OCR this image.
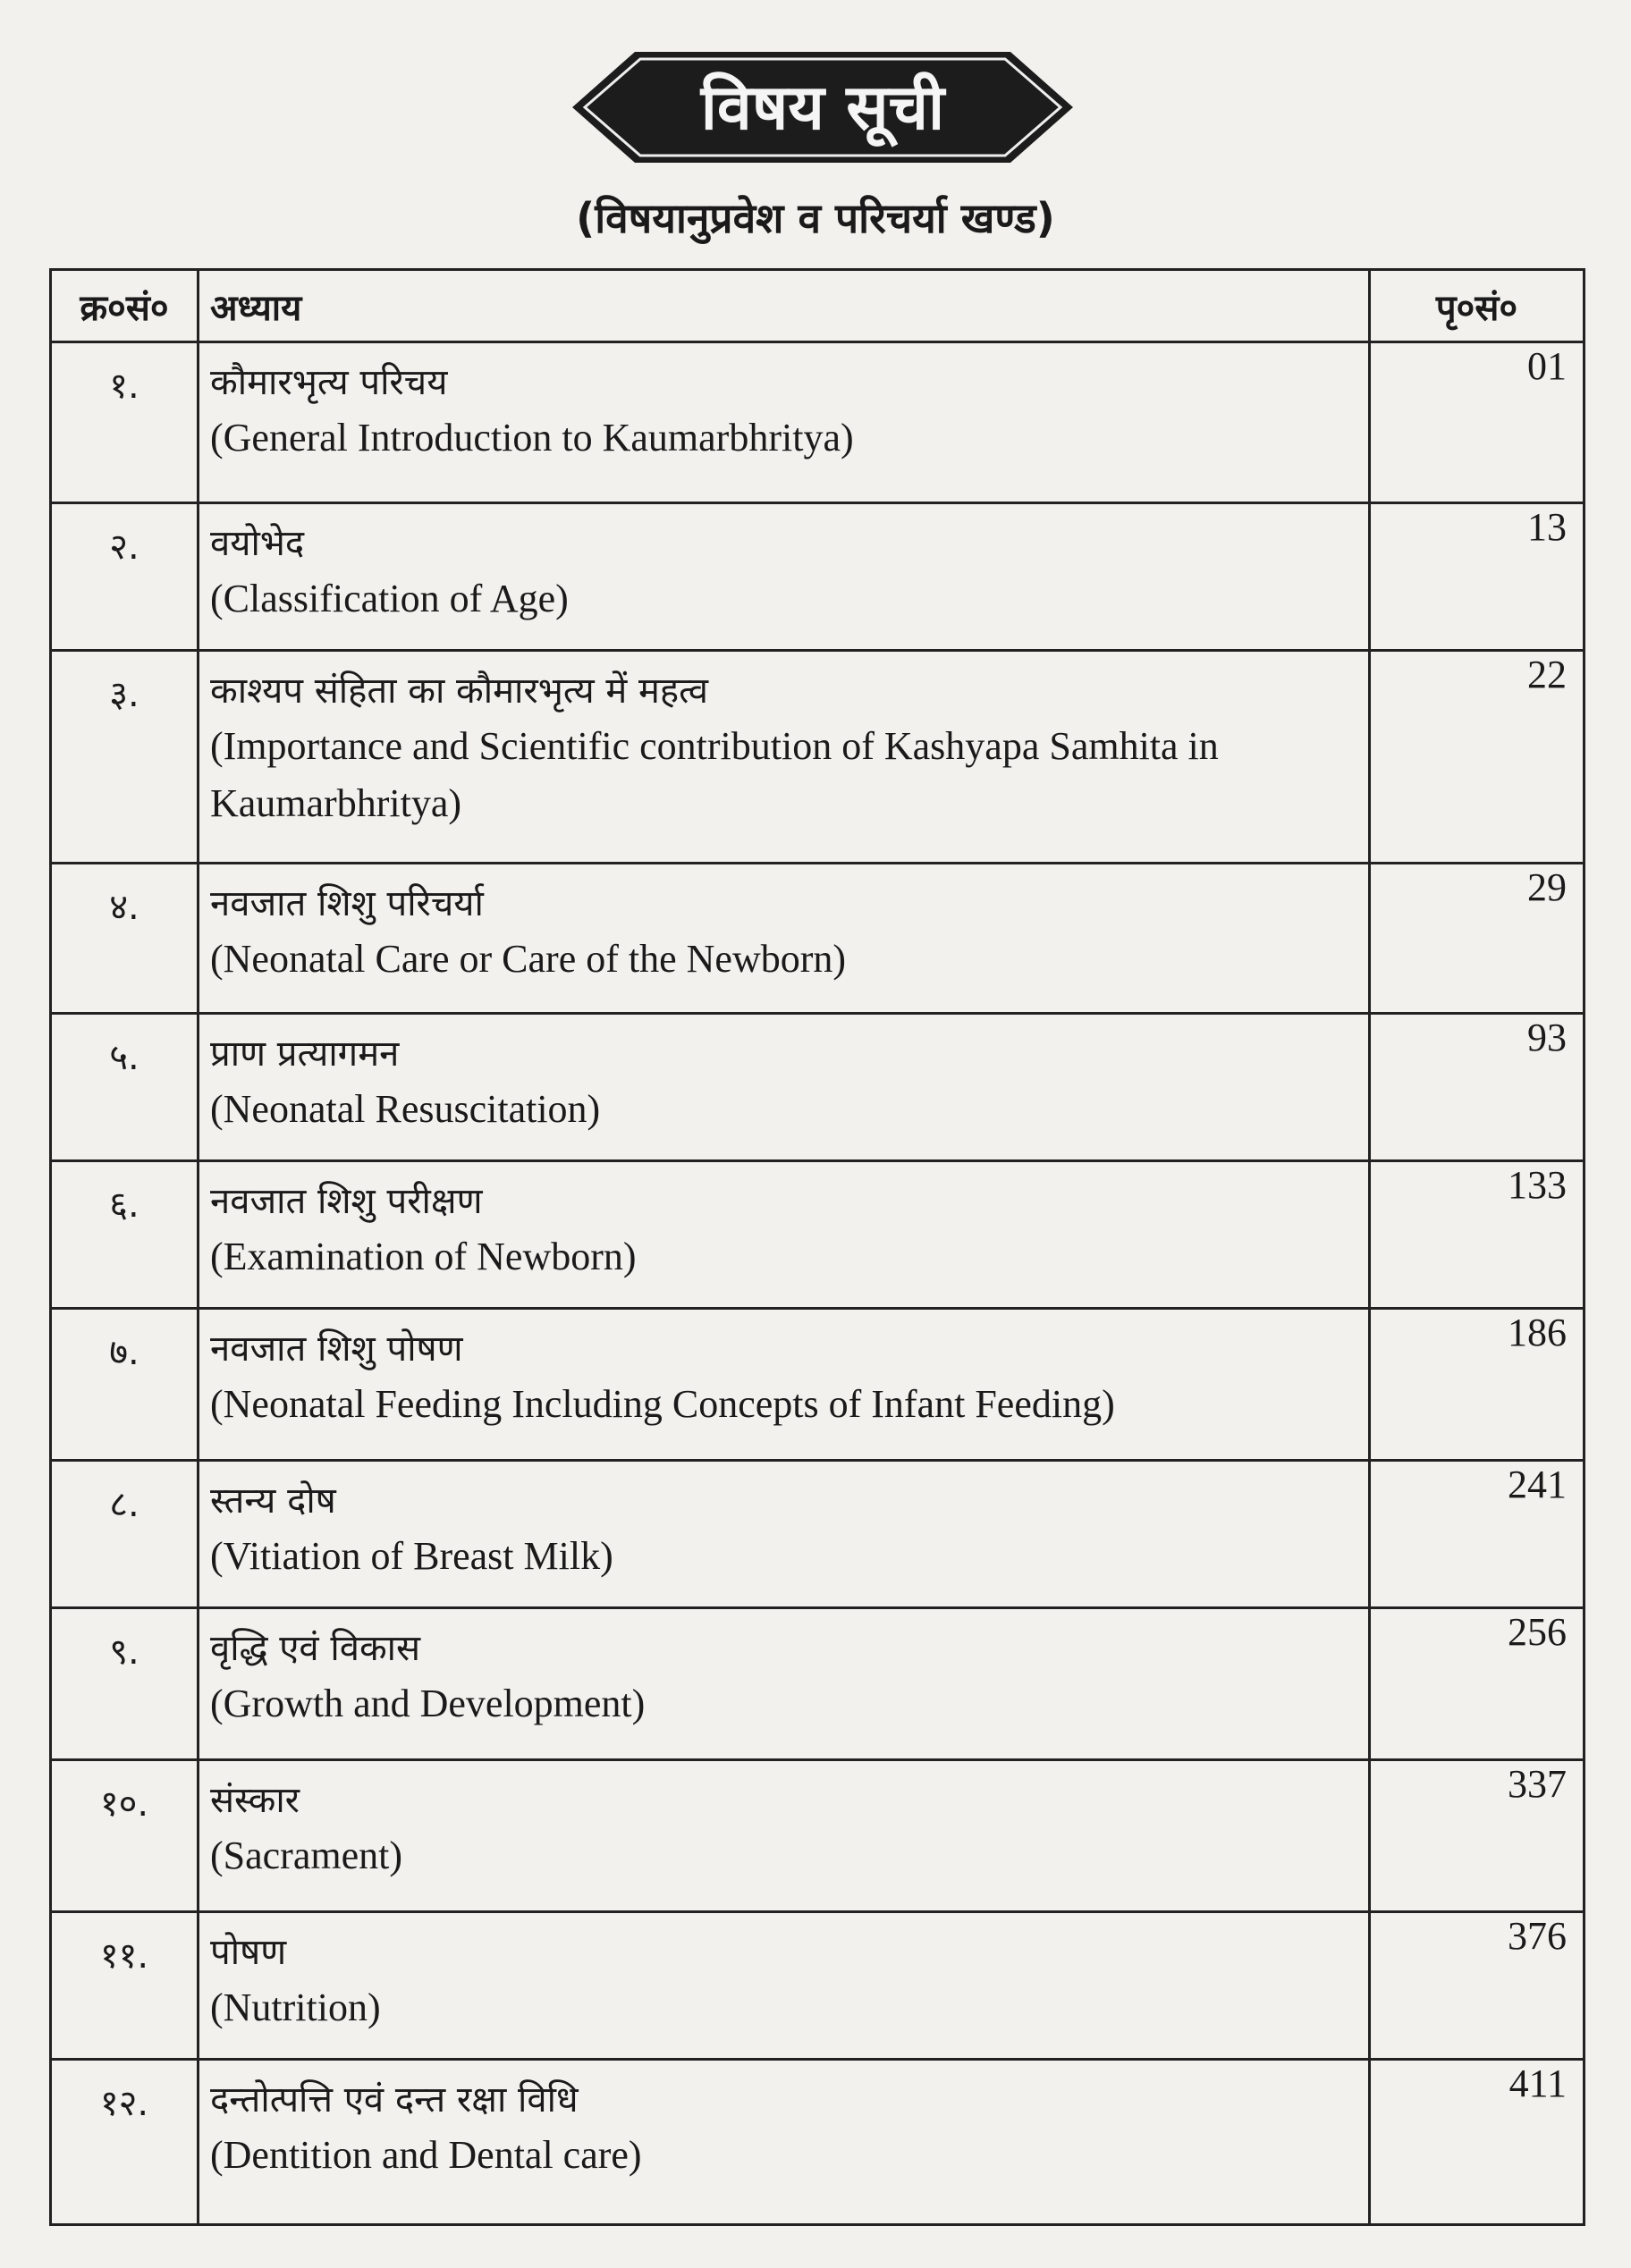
विषय सूची
(विषयानुप्रवेश व परिचर्या खण्ड)
क्र०सं०	अध्याय	पृ०सं०
१.	कौमारभृत्य परिचय
(General Introduction to Kaumarbhritya)	01
२.	वयोभेद
(Classification of Age)	13
३.	काश्यप संहिता का कौमारभृत्य में महत्व
(Importance and Scientific contribution of Kashyapa Samhita in Kaumarbhritya)	22
४.	नवजात शिशु परिचर्या
(Neonatal Care or Care of the Newborn)	29
५.	प्राण प्रत्यागमन
(Neonatal Resuscitation)	93
६.	नवजात शिशु परीक्षण
(Examination of Newborn)	133
७.	नवजात शिशु पोषण
(Neonatal Feeding Including Concepts of Infant Feeding)	186
८.	स्तन्य दोष
(Vitiation of Breast Milk)	241
९.	वृद्धि एवं विकास
(Growth and Development)	256
१०.	संस्कार
(Sacrament)	337
११.	पोषण
(Nutrition)	376
१२.	दन्तोत्पत्ति एवं दन्त रक्षा विधि
(Dentition and Dental care)	411
